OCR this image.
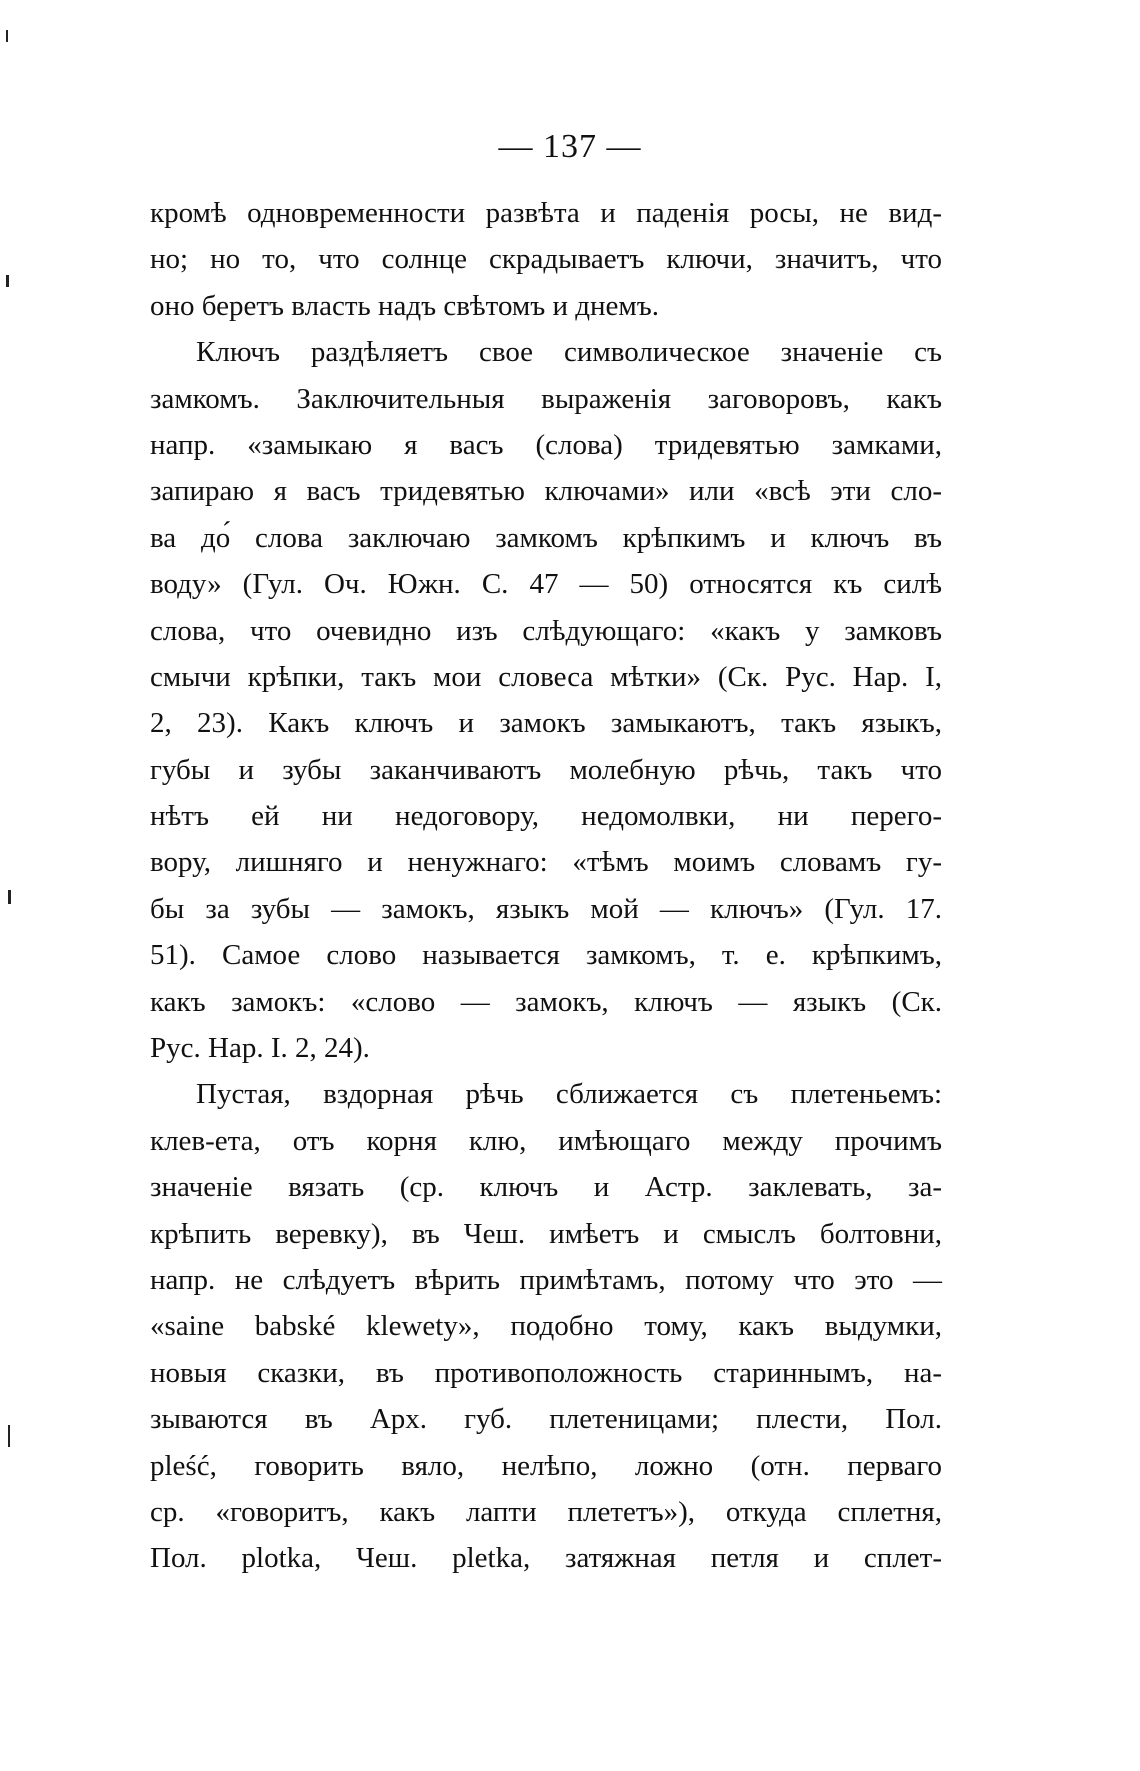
— 137 —
кромѣ одновременности развѣта и паденія росы, не вид-
но; но то, что солнце скрадываетъ ключи, значитъ, что
оно беретъ власть надъ свѣтомъ и днемъ.
Ключъ раздѣляетъ свое символическое значеніе съ
замкомъ. Заключительныя выраженія заговоровъ, какъ
напр. «замыкаю я васъ (слова) тридевятью замками,
запираю я васъ тридевятью ключами» или «всѣ эти сло-
ва до́ слова заключаю замкомъ крѣпкимъ и ключъ въ
воду» (Гул. Оч. Южн. С. 47 — 50) относятся къ силѣ
слова, что очевидно изъ слѣдующаго: «какъ у замковъ
смычи крѣпки, такъ мои словеса мѣтки» (Ск. Рус. Нар. I,
2, 23). Какъ ключъ и замокъ замыкаютъ, такъ языкъ,
губы и зубы заканчиваютъ молебную рѣчь, такъ что
нѣтъ ей ни недоговору, недомолвки, ни перего-
вору, лишняго и ненужнаго: «тѣмъ моимъ словамъ гу-
бы за зубы — замокъ, языкъ мой — ключъ» (Гул. 17.
51). Самое слово называется замкомъ, т. е. крѣпкимъ,
какъ замокъ: «слово — замокъ, ключъ — языкъ (Ск.
Рус. Нар. I. 2, 24).
Пустая, вздорная рѣчь сближается съ плетеньемъ:
клев-ета, отъ корня клю, имѣющаго между прочимъ
значеніе вязать (ср. ключъ и Астр. заклевать, за-
крѣпить веревку), въ Чеш. имѣетъ и смыслъ болтовни,
напр. не слѣдуетъ вѣрить примѣтамъ, потому что это —
«saine babské klewety», подобно тому, какъ выдумки,
новыя сказки, въ противоположность стариннымъ, на-
зываются въ Арх. губ. плетеницами; плести, Пол.
pleść, говорить вяло, нелѣпо, ложно (отн. перваго
ср. «говоритъ, какъ лапти плететъ»), откуда сплетня,
Пол. plotka, Чеш. pletka, затяжная петля и сплет-
